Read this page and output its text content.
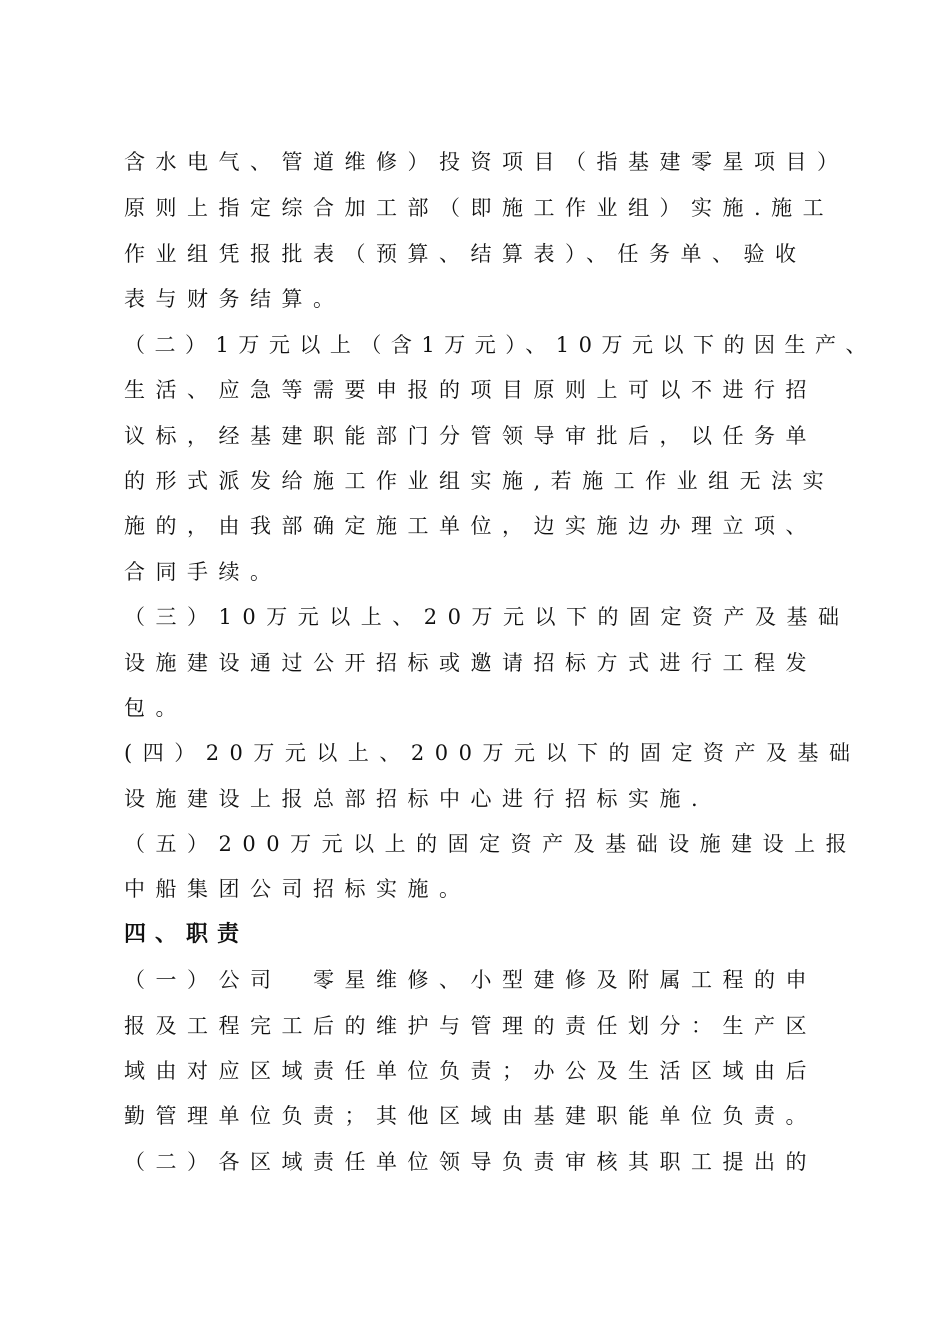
含水电气、管道维修）投资项目（指基建零星项目）
原则上指定综合加工部（即施工作业组）实施.施工
作业组凭报批表（预算、结算表）、任务单、验收
表与财务结算。
（二）1万元以上（含1万元）、10万元以下的因生产、
生活、应急等需要申报的项目原则上可以不进行招
议标，经基建职能部门分管领导审批后，以任务单
的形式派发给施工作业组实施,若施工作业组无法实
施的，由我部确定施工单位，边实施边办理立项、
合同手续。
（三）10万元以上、20万元以下的固定资产及基础
设施建设通过公开招标或邀请招标方式进行工程发
包。
(四）20万元以上、200万元以下的固定资产及基础
设施建设上报总部招标中心进行招标实施.
（五）200万元以上的固定资产及基础设施建设上报
中船集团公司招标实施。
四、职责
（一）公司　零星维修、小型建修及附属工程的申
报及工程完工后的维护与管理的责任划分：生产区
域由对应区域责任单位负责；办公及生活区域由后
勤管理单位负责；其他区域由基建职能单位负责。
（二）各区域责任单位领导负责审核其职工提出的
